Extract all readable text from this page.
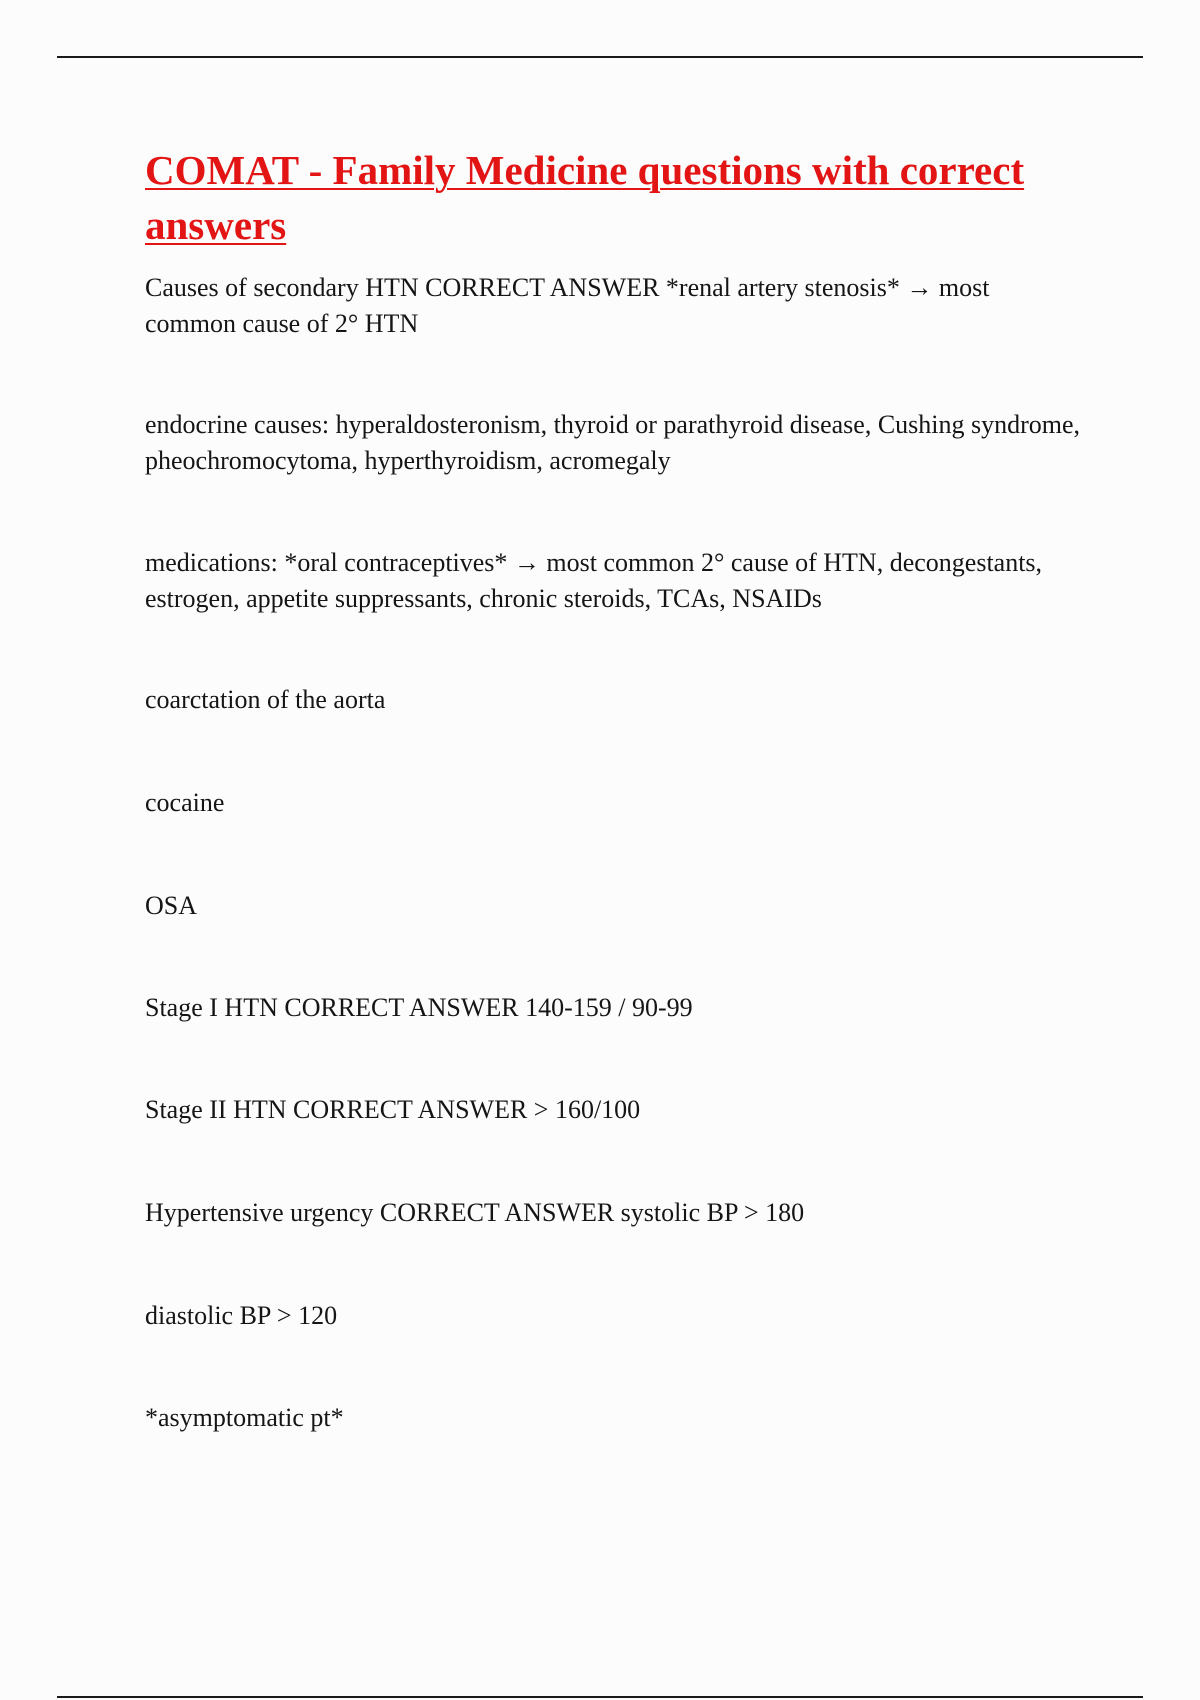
COMAT - Family Medicine questions with correct answers

Causes of secondary HTN CORRECT ANSWER *renal artery stenosis* → most common cause of 2° HTN

endocrine causes: hyperaldosteronism, thyroid or parathyroid disease, Cushing syndrome, pheochromocytoma, hyperthyroidism, acromegaly

medications: *oral contraceptives* → most common 2° cause of HTN, decongestants, estrogen, appetite suppressants, chronic steroids, TCAs, NSAIDs

coarctation of the aorta

cocaine

OSA

Stage I HTN CORRECT ANSWER 140-159 / 90-99

Stage II HTN CORRECT ANSWER > 160/100

Hypertensive urgency CORRECT ANSWER systolic BP > 180

diastolic BP > 120

*asymptomatic pt*
